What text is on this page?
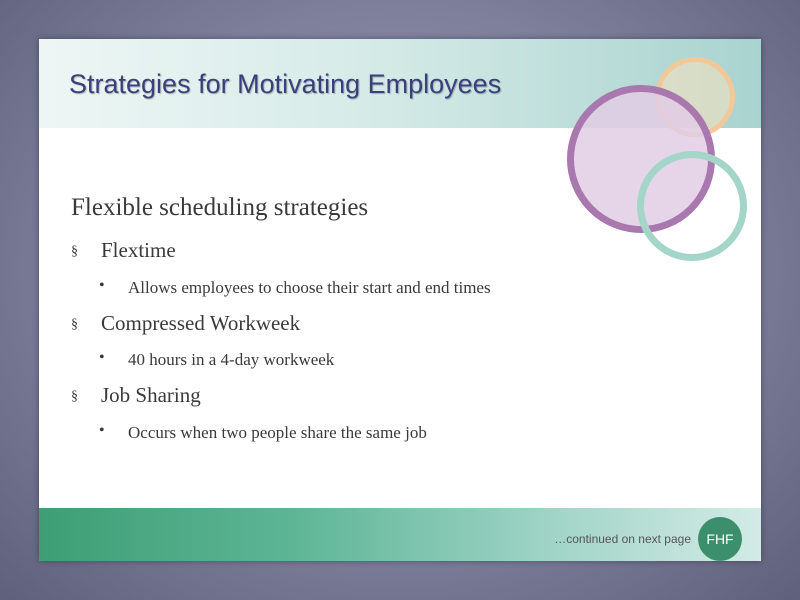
Strategies for Motivating Employees

Flexible scheduling strategies

§ Flextime
• Allows employees to choose their start and end times
§ Compressed Workweek
• 40 hours in a 4-day workweek
§ Job Sharing
• Occurs when two people share the same job
…continued on next page	FHF
3-26
